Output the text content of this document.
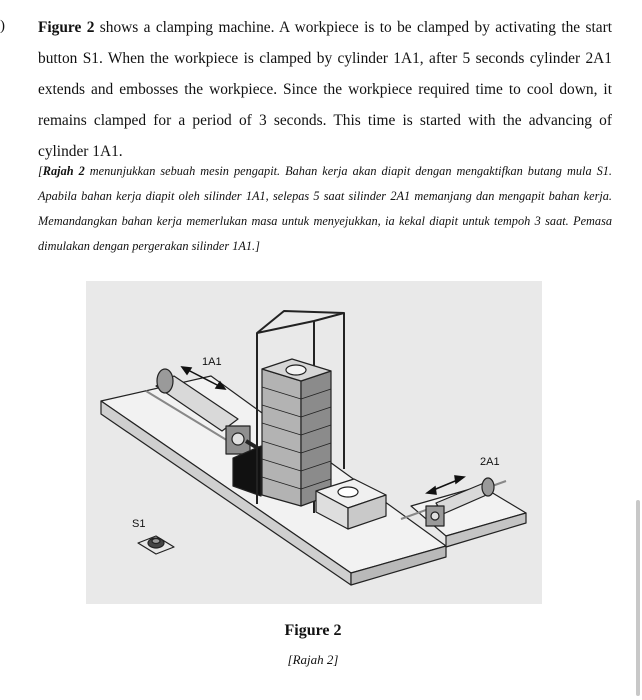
) Figure 2 shows a clamping machine. A workpiece is to be clamped by activating the start button S1. When the workpiece is clamped by cylinder 1A1, after 5 seconds cylinder 2A1 extends and embosses the workpiece. Since the workpiece required time to cool down, it remains clamped for a period of 3 seconds. This time is started with the advancing of cylinder 1A1.

[Rajah 2 menunjukkan sebuah mesin pengapit. Bahan kerja akan diapit dengan mengaktifkan butang mula S1. Apabila bahan kerja diapit oleh silinder 1A1, selepas 5 saat silinder 2A1 memanjang dan mengapit bahan kerja. Memandangkan bahan kerja memerlukan masa untuk menyejukkan, ia kekal diapit untuk tempoh 3 saat. Pemasa dimulakan dengan pergerakan silinder 1A1.]

1A1
2A1
S1

Figure 2

[Rajah 2]
